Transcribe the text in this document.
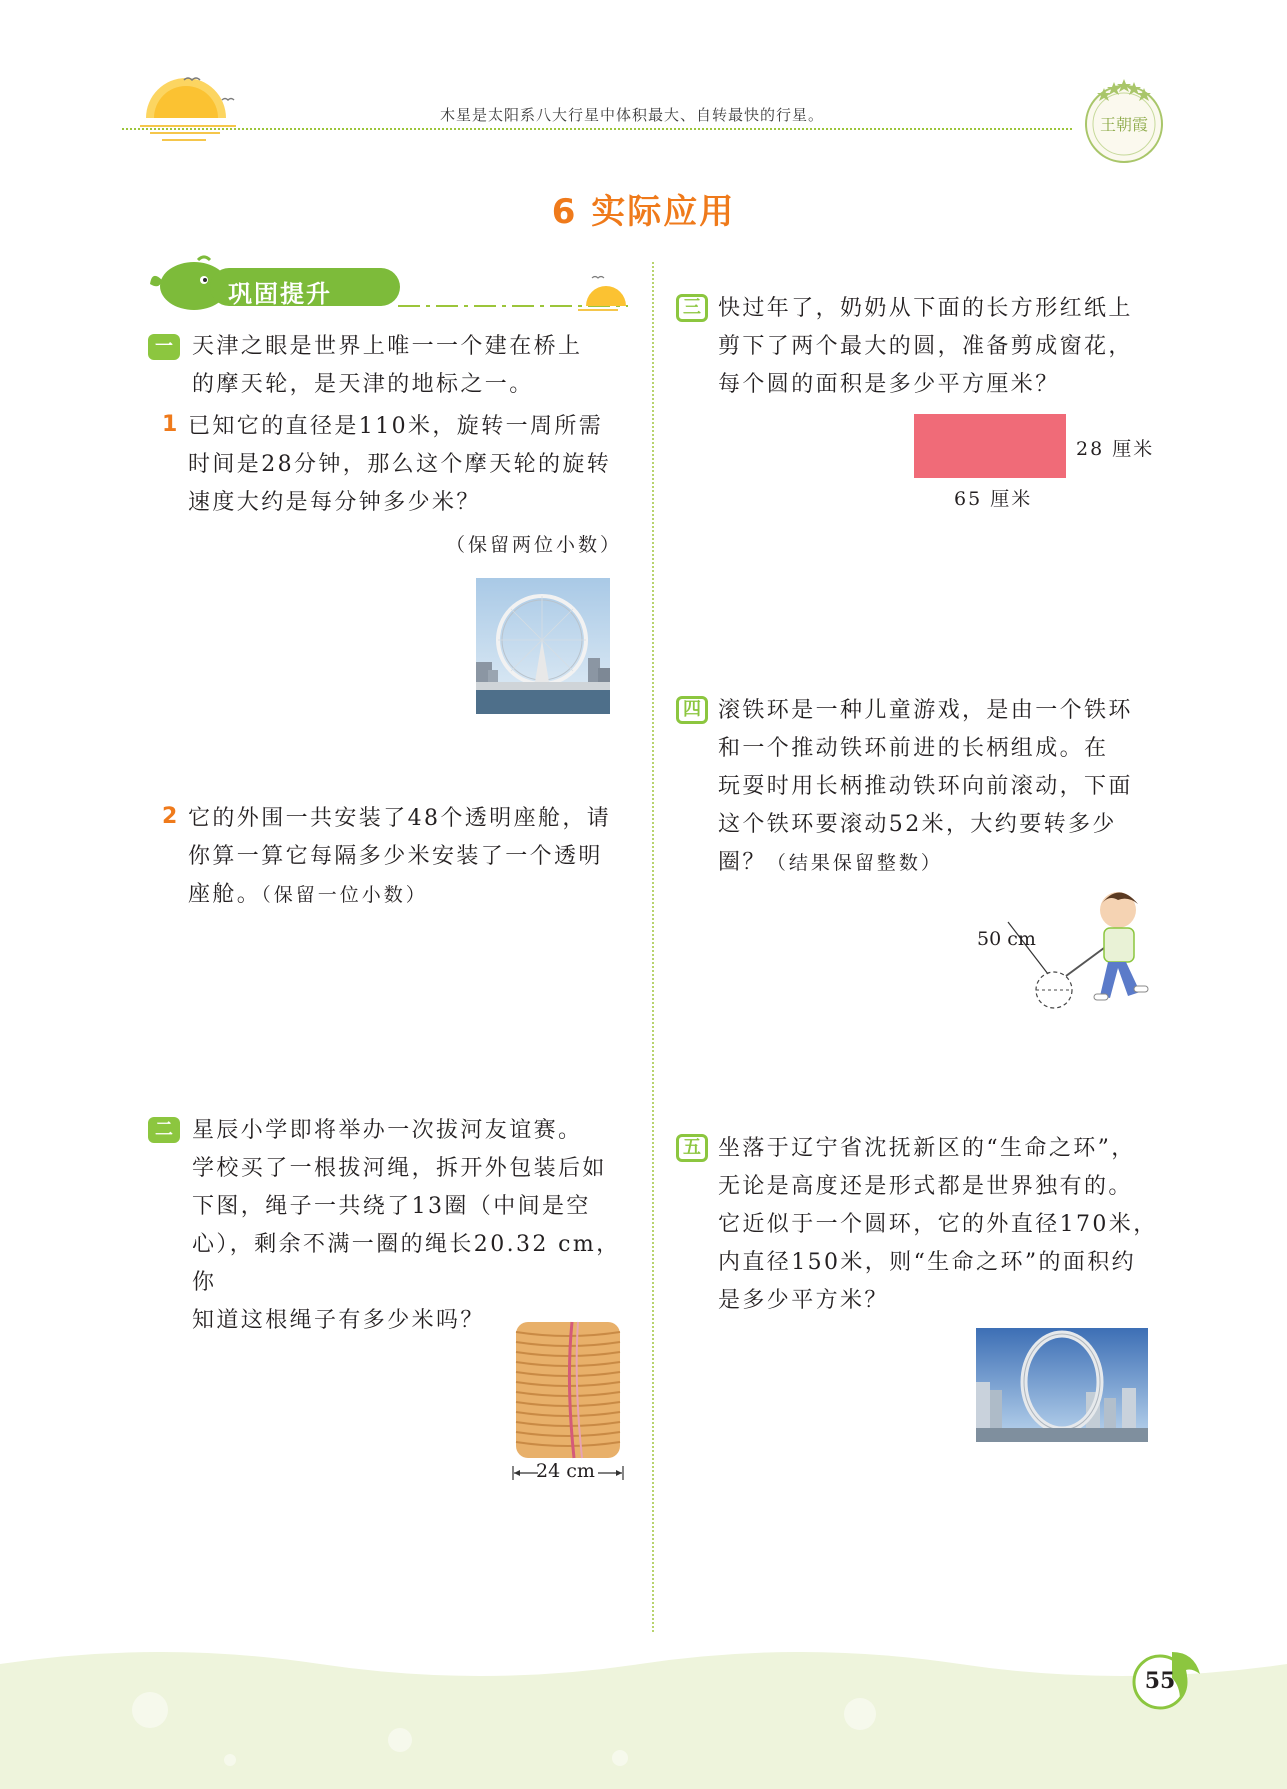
木星是太阳系八大行星中体积最大、自转最快的行星。	王朝霞
6 实际应用
巩固提升
一 天津之眼是世界上唯一一个建在桥上
的摩天轮，是天津的地标之一。
1 已知它的直径是110米，旋转一周所需
时间是28分钟，那么这个摩天轮的旋转
速度大约是每分钟多少米？
（保留两位小数）
2 它的外围一共安装了48个透明座舱，请
你算一算它每隔多少米安装了一个透明
座舱。（保留一位小数）
二 星辰小学即将举办一次拔河友谊赛。
学校买了一根拔河绳，拆开外包装后如
下图，绳子一共绕了13圈（中间是空
心），剩余不满一圈的绳长20.32 cm，你
知道这根绳子有多少米吗？
24 cm
三 快过年了，奶奶从下面的长方形红纸上
剪下了两个最大的圆，准备剪成窗花，
每个圆的面积是多少平方厘米？
28 厘米
65 厘米
四 滚铁环是一种儿童游戏，是由一个铁环
和一个推动铁环前进的长柄组成。在
玩耍时用长柄推动铁环向前滚动，下面
这个铁环要滚动52米，大约要转多少
圈？（结果保留整数）
50 cm
五 坐落于辽宁省沈抚新区的“生命之环”，
无论是高度还是形式都是世界独有的。
它近似于一个圆环，它的外直径170米，
内直径150米，则“生命之环”的面积约
是多少平方米？
55
